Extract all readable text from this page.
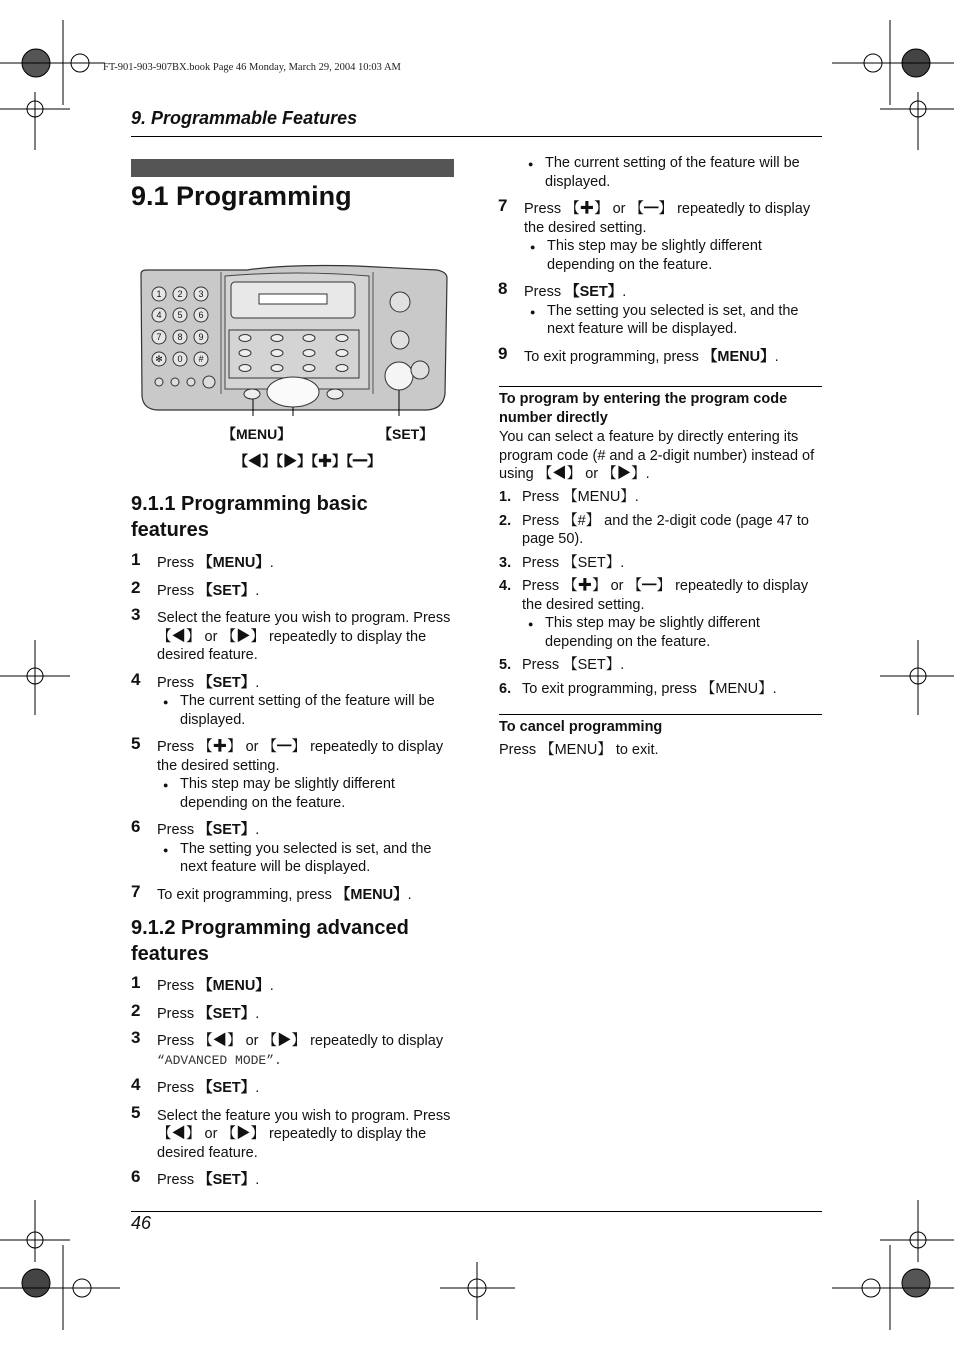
FT-901-903-907BX.book Page 46 Monday, March 29, 2004 10:03 AM
9. Programmable Features
9.1 Programming
1 2 3
4 5 6
7 8 9
✻ 0 #
【MENU】	【SET】
【◀】【▶】【✚】【━】
9.1.1 Programming basic features
1 Press 【MENU】.
2 Press 【SET】.
3 Select the feature you wish to program. Press 【◀】 or 【▶】 repeatedly to display the desired feature.
4 Press 【SET】.
● The current setting of the feature will be displayed.
5 Press 【✚】 or 【━】 repeatedly to display the desired setting.
● This step may be slightly different depending on the feature.
6 Press 【SET】.
● The setting you selected is set, and the next feature will be displayed.
7 To exit programming, press 【MENU】.
9.1.2 Programming advanced features
1 Press 【MENU】.
2 Press 【SET】.
3 Press 【◀】 or 【▶】 repeatedly to display
“ADVANCED MODE”.
4 Press 【SET】.
5 Select the feature you wish to program. Press 【◀】 or 【▶】 repeatedly to display the desired feature.
6 Press 【SET】.
● The current setting of the feature will be displayed.
7 Press 【✚】 or 【━】 repeatedly to display the desired setting.
● This step may be slightly different depending on the feature.
8 Press 【SET】.
● The setting you selected is set, and the next feature will be displayed.
9 To exit programming, press 【MENU】.
To program by entering the program code number directly
You can select a feature by directly entering its program code (# and a 2-digit number) instead of using 【◀】 or 【▶】.
1. Press 【MENU】.
2. Press 【#】 and the 2-digit code (page 47 to page 50).
3. Press 【SET】.
4. Press 【✚】 or 【━】 repeatedly to display the desired setting.
● This step may be slightly different depending on the feature.
5. Press 【SET】.
6. To exit programming, press 【MENU】.
To cancel programming
Press 【MENU】 to exit.
46
